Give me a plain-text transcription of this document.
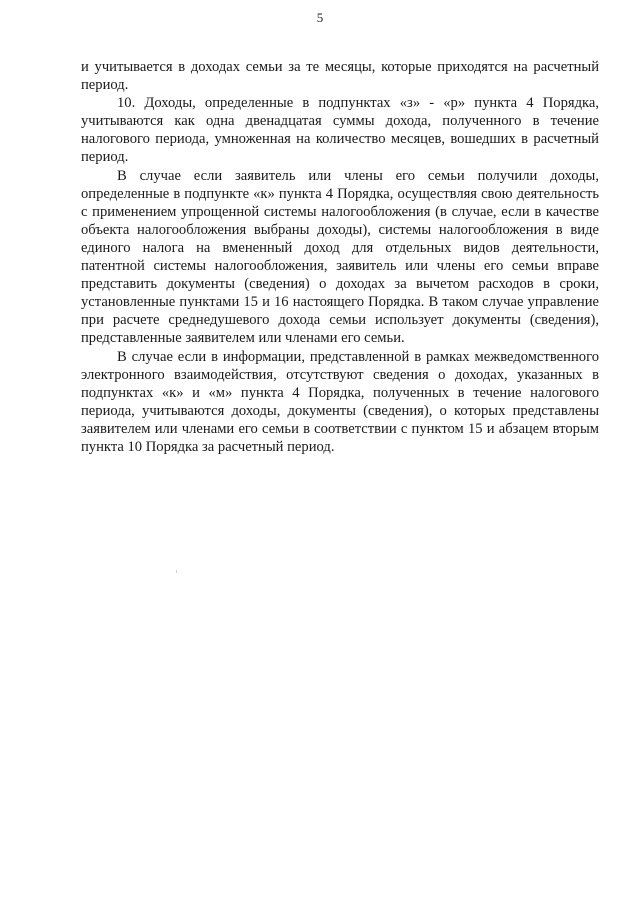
5

и учитывается в доходах семьи за те месяцы, которые приходятся на расчетный период.

10. Доходы, определенные в подпунктах «з» - «р» пункта 4 Порядка, учитываются как одна двенадцатая суммы дохода, полученного в течение налогового периода, умноженная на количество месяцев, вошедших в расчетный период.

В случае если заявитель или члены его семьи получили доходы, определенные в подпункте «к» пункта 4 Порядка, осуществляя свою деятельность с применением упрощенной системы налогообложения (в случае, если в качестве объекта налогообложения выбраны доходы), системы налогообложения в виде единого налога на вмененный доход для отдельных видов деятельности, патентной системы налогообложения, заявитель или члены его семьи вправе представить документы (сведения) о доходах за вычетом расходов в сроки, установленные пунктами 15 и 16 настоящего Порядка. В таком случае управление при расчете среднедушевого дохода семьи использует документы (сведения), представленные заявителем или членами его семьи.

В случае если в информации, представленной в рамках межведомственного электронного взаимодействия, отсутствуют сведения о доходах, указанных в подпунктах «к» и «м» пункта 4 Порядка, полученных в течение налогового периода, учитываются доходы, документы (сведения), о которых представлены заявителем или членами его семьи в соответствии с пунктом 15 и абзацем вторым пункта 10 Порядка за расчетный период.
